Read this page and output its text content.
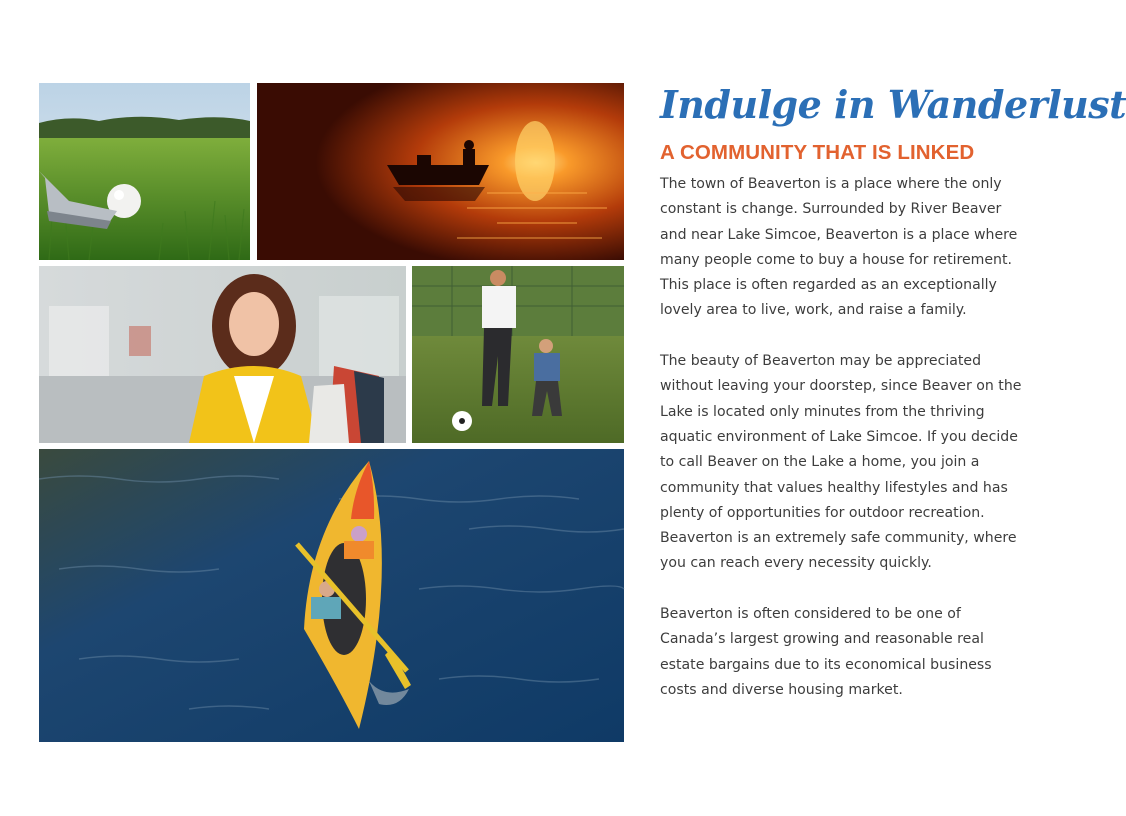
Indulge in Wanderlust
A COMMUNITY THAT IS LINKED

The town of Beaverton is a place where the only constant is change. Surrounded by River Beaver and near Lake Simcoe, Beaverton is a place where many people come to buy a house for retirement. This place is often regarded as an exceptionally lovely area to live, work, and raise a family.

The beauty of Beaverton may be appreciated without leaving your doorstep, since Beaver on the Lake is located only minutes from the thriving aquatic environment of Lake Simcoe. If you decide to call Beaver on the Lake a home, you join a community that values healthy lifestyles and has plenty of opportunities for outdoor recreation. Beaverton is an extremely safe community, where you can reach every necessity quickly.

Beaverton is often considered to be one of Canada’s largest growing and reasonable real estate bargains due to its economical business costs and diverse housing market.
